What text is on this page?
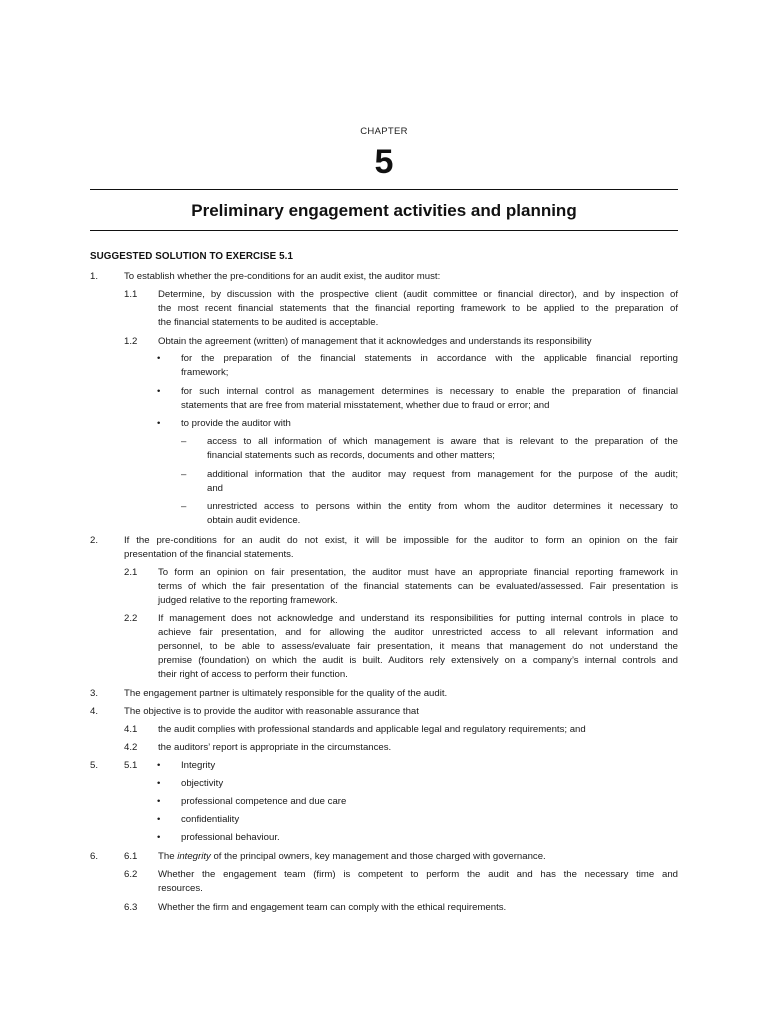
CHAPTER
5
Preliminary engagement activities and planning
SUGGESTED SOLUTION TO EXERCISE 5.1
1.	To establish whether the pre-conditions for an audit exist, the auditor must:
1.1 Determine, by discussion with the prospective client (audit committee or financial director), and by inspection of
the most recent financial statements that the financial reporting framework to be applied to the preparation of
the financial statements to be audited is acceptable.
1.2 Obtain the agreement (written) of management that it acknowledges and understands its responsibility
• for the preparation of the financial statements in accordance with the applicable financial reporting
framework;
• for such internal control as management determines is necessary to enable the preparation of financial
statements that are free from material misstatement, whether due to fraud or error; and
• to provide the auditor with
– access to all information of which management is aware that is relevant to the preparation of the
financial statements such as records, documents and other matters;
– additional information that the auditor may request from management for the purpose of the audit;
and
– unrestricted access to persons within the entity from whom the auditor determines it necessary to
obtain audit evidence.
2.	If the pre-conditions for an audit do not exist, it will be impossible for the auditor to form an opinion on the fair
presentation of the financial statements.
2.1 To form an opinion on fair presentation, the auditor must have an appropriate financial reporting framework in
terms of which the fair presentation of the financial statements can be evaluated/assessed. Fair presentation is
judged relative to the reporting framework.
2.2 If management does not acknowledge and understand its responsibilities for putting internal controls in place to
achieve fair presentation, and for allowing the auditor unrestricted access to all relevant information and
personnel, to be able to assess/evaluate fair presentation, it means that management do not understand the
premise (foundation) on which the audit is built. Auditors rely extensively on a company’s internal controls and
their right of access to perform their function.
3.	The engagement partner is ultimately responsible for the quality of the audit.
4.	The objective is to provide the auditor with reasonable assurance that
4.1 the audit complies with professional standards and applicable legal and regulatory requirements; and
4.2 the auditors’ report is appropriate in the circumstances.
5.	5.1 • Integrity
• objectivity
• professional competence and due care
• confidentiality
• professional behaviour.
6.	6.1 The integrity of the principal owners, key management and those charged with governance.
6.2 Whether the engagement team (firm) is competent to perform the audit and has the necessary time and
resources.
6.3 Whether the firm and engagement team can comply with the ethical requirements.
